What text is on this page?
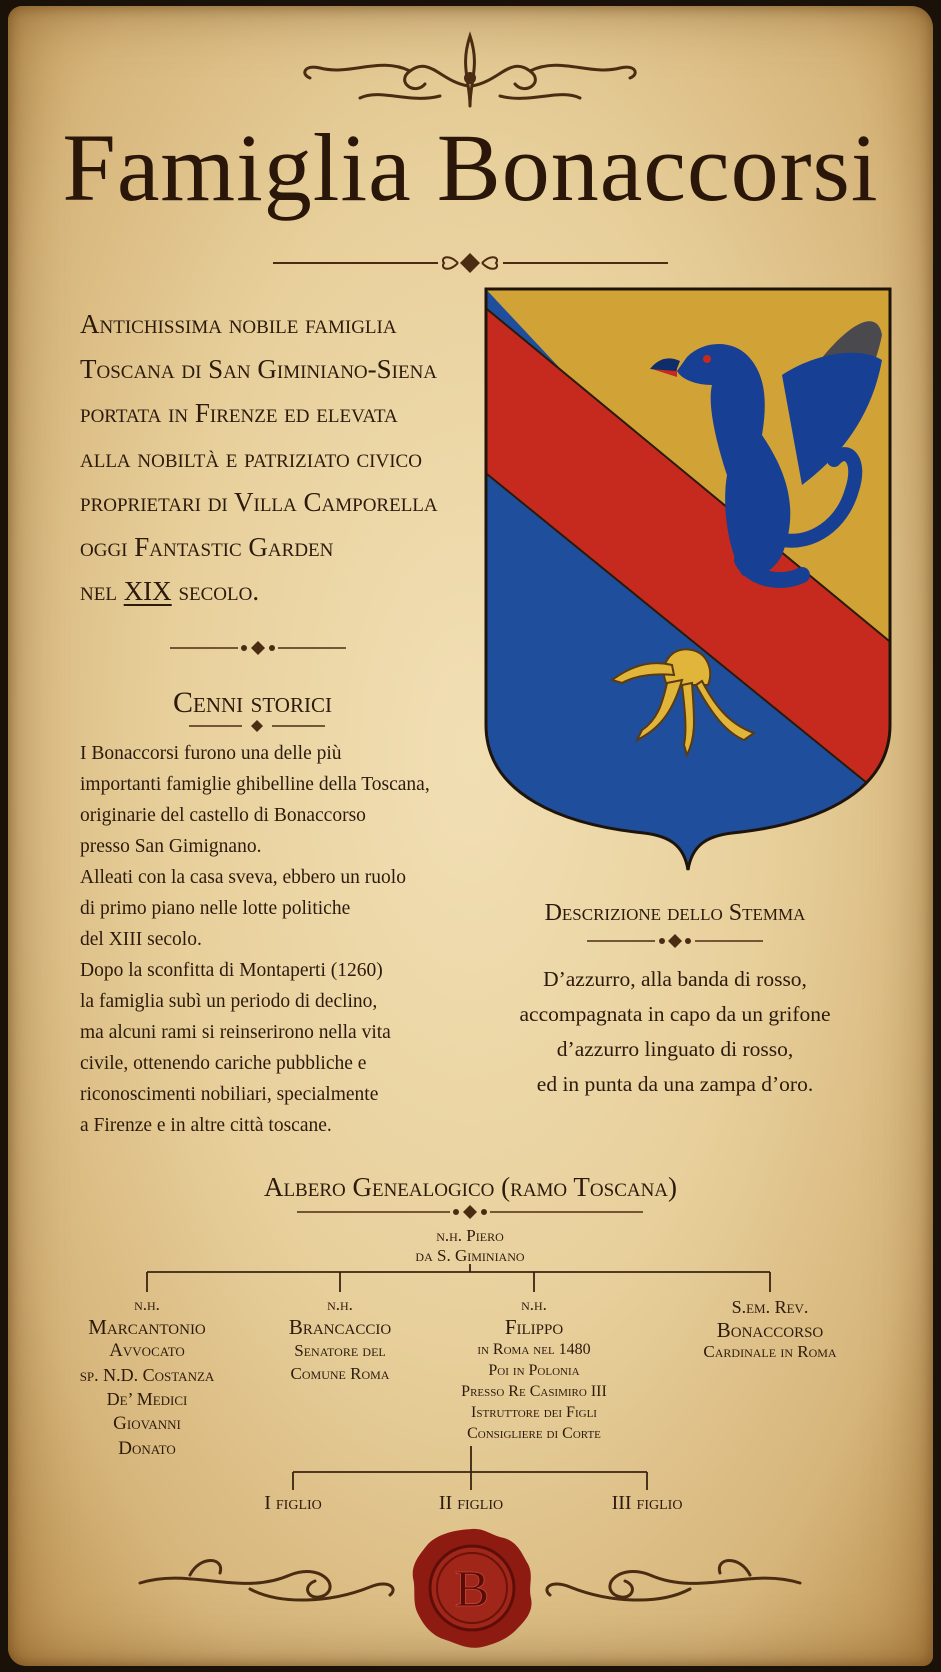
Famiglia Bonaccorsi
Antichissima nobile famiglia
Toscana di San Giminiano-Siena
portata in Firenze ed elevata
alla nobiltà e patriziato civico
proprietari di Villa Camporella
oggi Fantastic Garden
nel XIX secolo.
Cenni storici
I Bonaccorsi furono una delle più
importanti famiglie ghibelline della Toscana,
originarie del castello di Bonaccorso
presso San Gimignano.
Alleati con la casa sveva, ebbero un ruolo
di primo piano nelle lotte politiche
del XIII secolo.
Dopo la sconfitta di Montaperti (1260)
la famiglia subì un periodo di declino,
ma alcuni rami si reinserirono nella vita
civile, ottenendo cariche pubbliche e
riconoscimenti nobiliari, specialmente
a Firenze e in altre città toscane.
Descrizione dello Stemma
D’azzurro, alla banda di rosso,
accompagnata in capo da un grifone
d’azzurro linguato di rosso,
ed in punta da una zampa d’oro.
Albero Genealogico (ramo Toscana)
n.h. Piero
da S. Giminiano
n.h.
Marcantonio
Avvocato
sp. N.D. Costanza
De’ Medici
Giovanni
Donato
n.h.
Brancaccio
Senatore del
Comune Roma
n.h.
Filippo
in Roma nel 1480
Poi in Polonia
Presso Re Casimiro III
Istruttore dei Figli
Consigliere di Corte
S.em. Rev.
Bonaccorso
Cardinale in Roma
I figlio	II figlio	III figlio
B
